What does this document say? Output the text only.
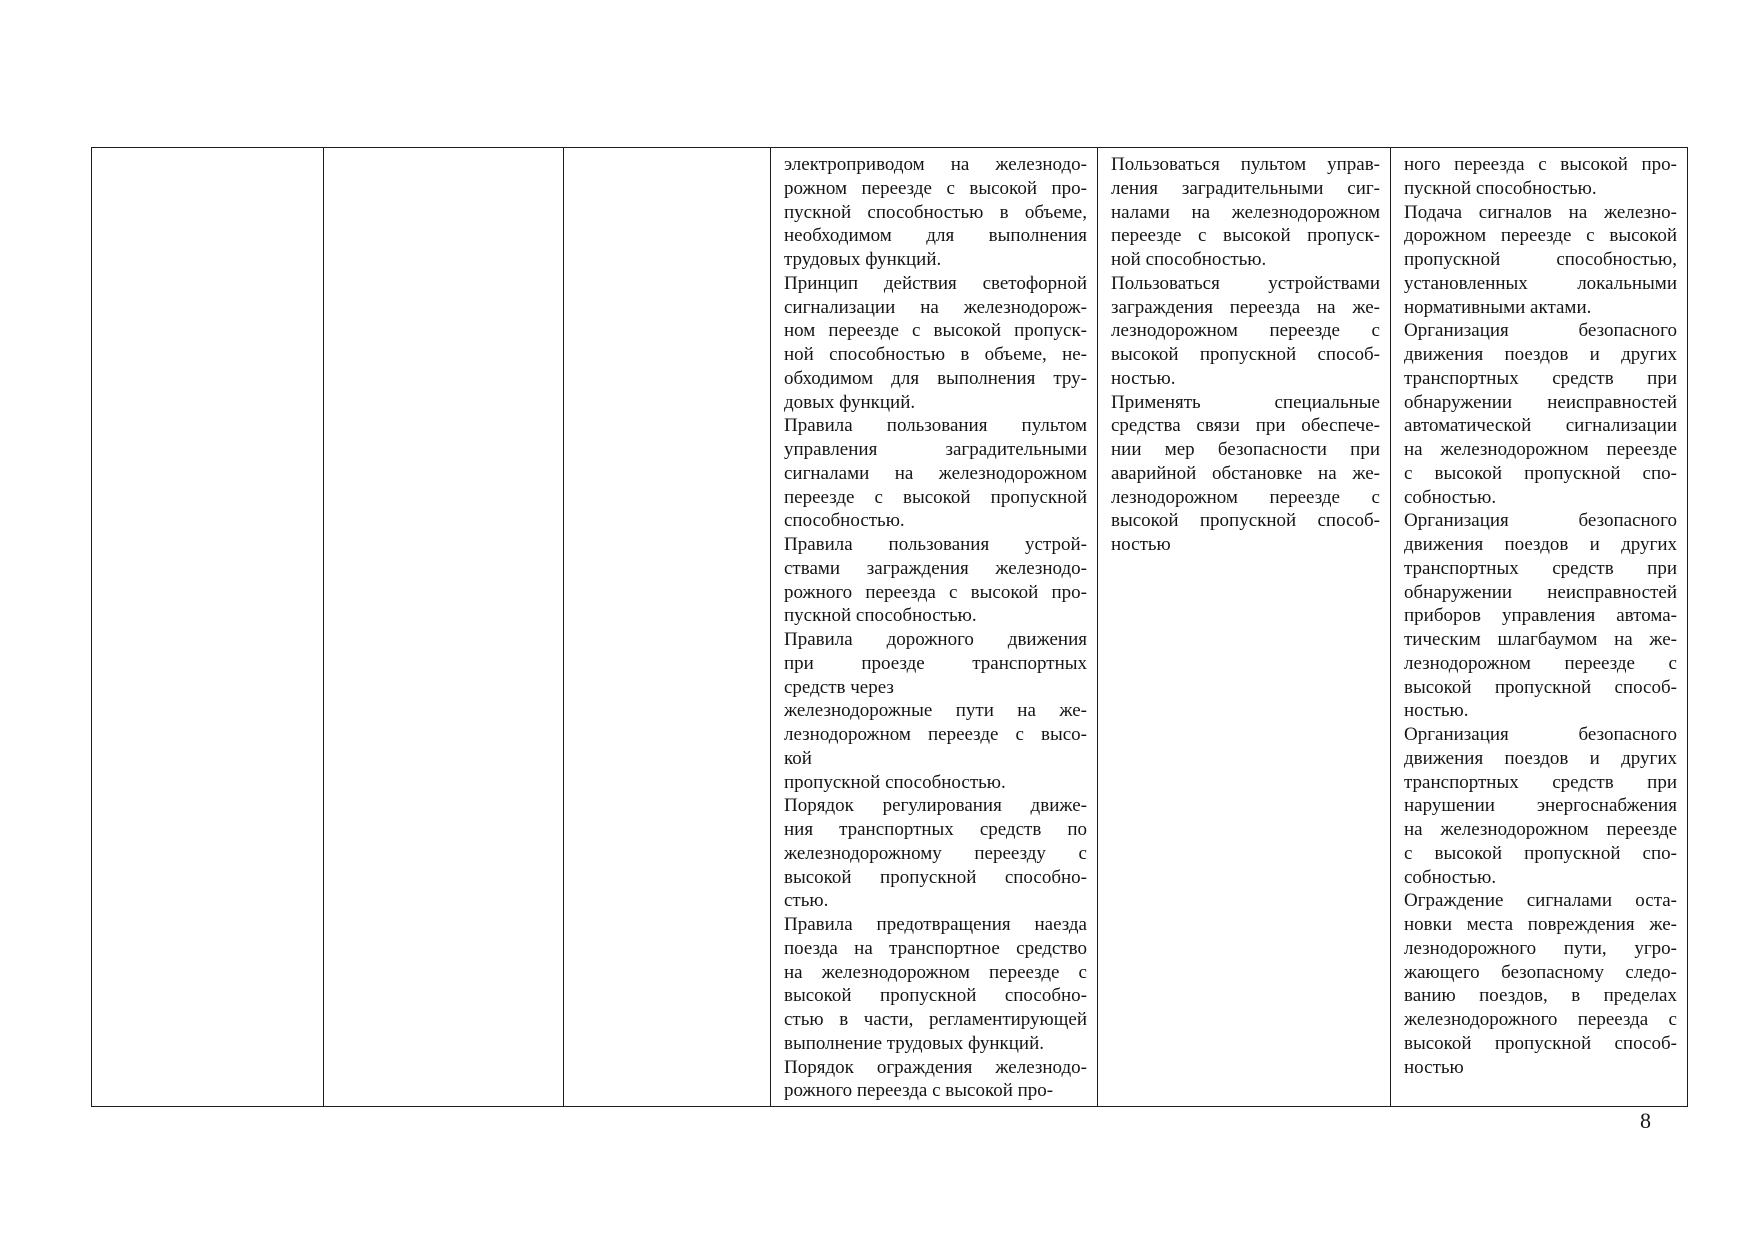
электроприводом на железнодо-
рожном переезде с высокой про-
пускной способностью в объеме,
необходимом для выполнения
трудовых функций.
Принцип действия светофорной
сигнализации на железнодорож-
ном переезде с высокой пропуск-
ной способностью в объеме, не-
обходимом для выполнения тру-
довых функций.
Правила пользования пультом
управления заградительными
сигналами на железнодорожном
переезде с высокой пропускной
способностью.
Правила пользования устрой-
ствами заграждения железнодо-
рожного переезда с высокой про-
пускной способностью.
Правила дорожного движения
при проезде транспортных
средств через
железнодорожные пути на же-
лезнодорожном переезде с высо-
кой
пропускной способностью.
Порядок регулирования движе-
ния транспортных средств по
железнодорожному переезду с
высокой пропускной способно-
стью.
Правила предотвращения наезда
поезда на транспортное средство
на железнодорожном переезде с
высокой пропускной способно-
стью в части, регламентирующей
выполнение трудовых функций.
Порядок ограждения железнодо-
рожного переезда с высокой про-
Пользоваться пультом управ-
ления заградительными сиг-
налами на железнодорожном
переезде с высокой пропуск-
ной способностью.
Пользоваться устройствами
заграждения переезда на же-
лезнодорожном переезде с
высокой пропускной способ-
ностью.
Применять специальные
средства связи при обеспече-
нии мер безопасности при
аварийной обстановке на же-
лезнодорожном переезде с
высокой пропускной способ-
ностью
ного переезда с высокой про-
пускной способностью.
Подача сигналов на железно-
дорожном переезде с высокой
пропускной способностью,
установленных локальными
нормативными актами.
Организация безопасного
движения поездов и других
транспортных средств при
обнаружении неисправностей
автоматической сигнализации
на железнодорожном переезде
с высокой пропускной спо-
собностью.
Организация безопасного
движения поездов и других
транспортных средств при
обнаружении неисправностей
приборов управления автома-
тическим шлагбаумом на же-
лезнодорожном переезде с
высокой пропускной способ-
ностью.
Организация безопасного
движения поездов и других
транспортных средств при
нарушении энергоснабжения
на железнодорожном переезде
с высокой пропускной спо-
собностью.
Ограждение сигналами оста-
новки места повреждения же-
лезнодорожного пути, угро-
жающего безопасному следо-
ванию поездов, в пределах
железнодорожного переезда с
высокой пропускной способ-
ностью
8
